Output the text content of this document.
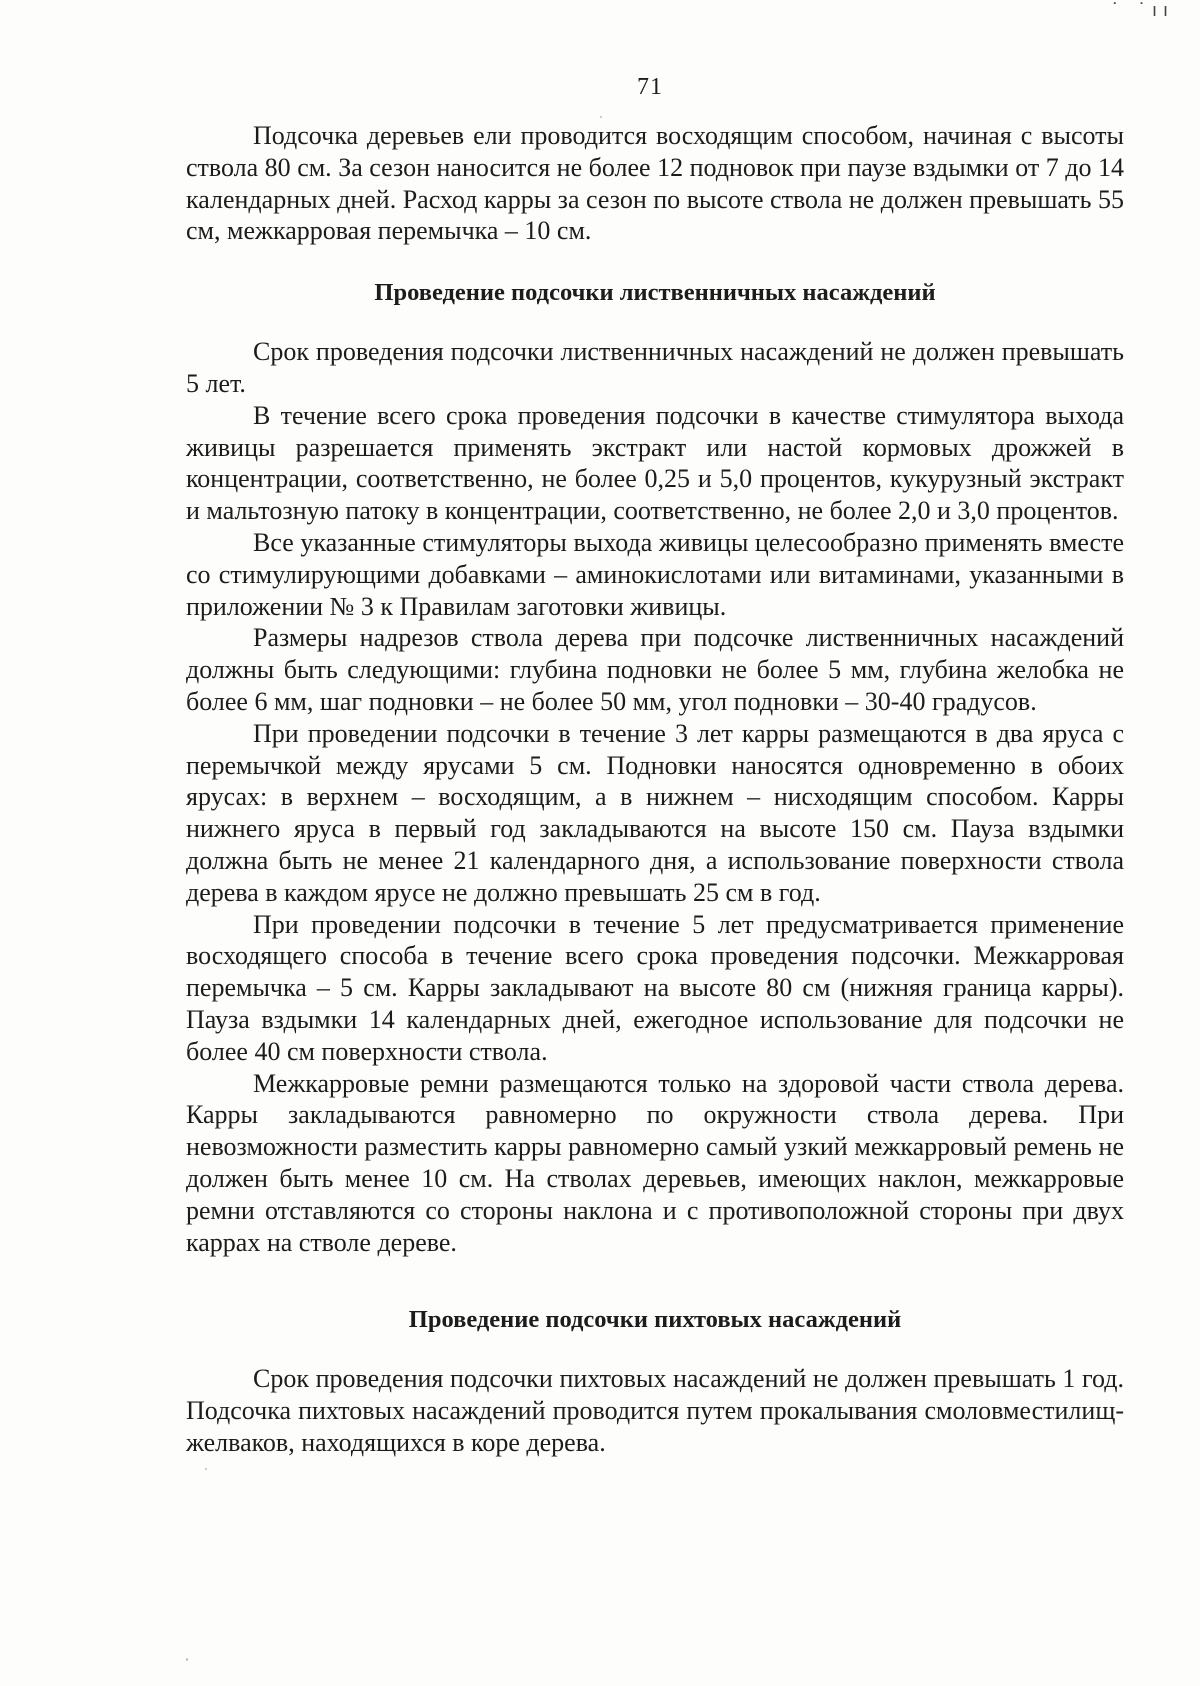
˙ ˙ıı
71

Подсочка деревьев ели проводится восходящим способом, начиная с высоты ствола 80 см. За сезон наносится не более 12 подновок при паузе вздымки от 7 до 14 календарных дней. Расход карры за сезон по высоте ствола не должен превышать 55 см, межкарровая перемычка – 10 см.

Проведение подсочки лиственничных насаждений

Срок проведения подсочки лиственничных насаждений не должен превышать 5 лет.

В течение всего срока проведения подсочки в качестве стимулятора выхода живицы разрешается применять экстракт или настой кормовых дрожжей в концентрации, соответственно, не более 0,25 и 5,0 процентов, кукурузный экстракт и мальтозную патоку в концентрации, соответственно, не более 2,0 и 3,0 процентов.

Все указанные стимуляторы выхода живицы целесообразно применять вместе со стимулирующими добавками – аминокислотами или витаминами, указанными в приложении № 3 к Правилам заготовки живицы.

Размеры надрезов ствола дерева при подсочке лиственничных насаждений должны быть следующими: глубина подновки не более 5 мм, глубина желобка не более 6 мм, шаг подновки – не более 50 мм, угол подновки – 30-40 градусов.

При проведении подсочки в течение 3 лет карры размещаются в два яруса с перемычкой между ярусами 5 см. Подновки наносятся одновременно в обоих ярусах: в верхнем – восходящим, а в нижнем – нисходящим способом. Карры нижнего яруса в первый год закладываются на высоте 150 см. Пауза вздымки должна быть не менее 21 календарного дня, а использование поверхности ствола дерева в каждом ярусе не должно превышать 25 см в год.

При проведении подсочки в течение 5 лет предусматривается применение восходящего способа в течение всего срока проведения подсочки. Межкарровая перемычка – 5 см. Карры закладывают на высоте 80 см (нижняя граница карры). Пауза вздымки 14 календарных дней, ежегодное использование для подсочки не более 40 см поверхности ствола.

Межкарровые ремни размещаются только на здоровой части ствола дерева. Карры закладываются равномерно по окружности ствола дерева. При невозможности разместить карры равномерно самый узкий межкарровый ремень не должен быть менее 10 см. На стволах деревьев, имеющих наклон, межкарровые ремни отставляются со стороны наклона и с противоположной стороны при двух каррах на стволе дереве.

Проведение подсочки пихтовых насаждений

Срок проведения подсочки пихтовых насаждений не должен превышать 1 год. Подсочка пихтовых насаждений проводится путем прокалывания смоловместилищ-желваков, находящихся в коре дерева.
